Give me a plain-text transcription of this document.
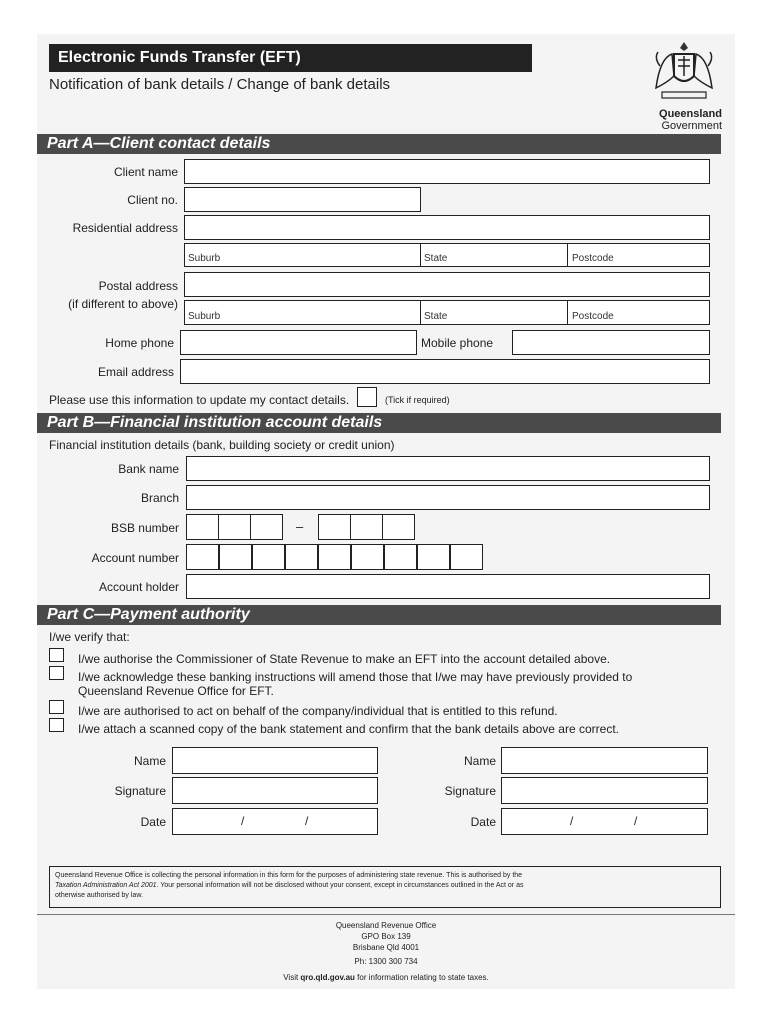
Electronic Funds Transfer (EFT)
Notification of bank details / Change of bank details
Queensland
Government
Part A—Client contact details
Client name
Client no.
Residential address
Suburb	State	Postcode
Postal address
(if different to above)
Suburb	State	Postcode
Home phone	Mobile phone
Email address
Please use this information to update my contact details.	(Tick if required)
Part B—Financial institution account details
Financial institution details (bank, building society or credit union)
Bank name
Branch
BSB number	–
Account number
Account holder
Part C—Payment authority
I/we verify that:
I/we authorise the Commissioner of State Revenue to make an EFT into the account detailed above.
I/we acknowledge these banking instructions will amend those that I/we may have previously provided to
Queensland Revenue Office for EFT.
I/we are authorised to act on behalf of the company/individual that is entitled to this refund.
I/we attach a scanned copy of the bank statement and confirm that the bank details above are correct.
Name
Signature
Date	/	/
Name
Signature
Date	/	/
Queensland Revenue Office is collecting the personal information in this form for the purposes of administering state revenue. This is authorised by the
Taxation Administration Act 2001. Your personal information will not be disclosed without your consent, except in circumstances outlined in the Act or as
otherwise authorised by law.
Queensland Revenue Office
GPO Box 139
Brisbane Qld 4001
Ph: 1300 300 734
Visit qro.qld.gov.au for information relating to state taxes.
